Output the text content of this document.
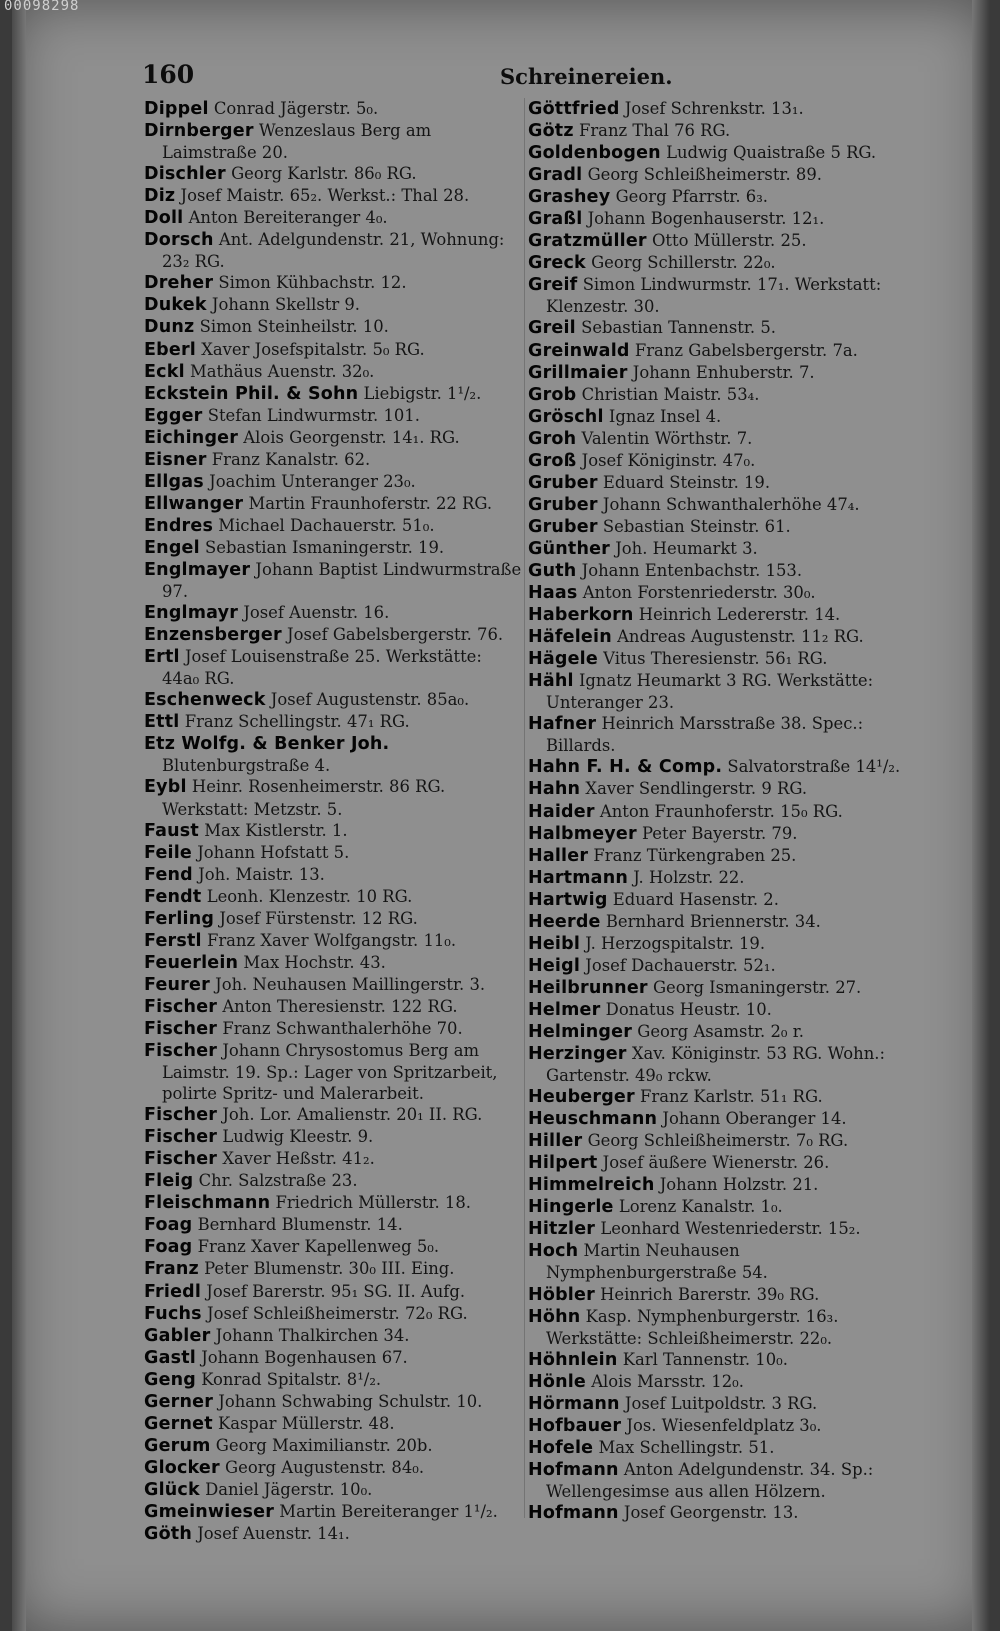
00098298
160	Schreinereien.

Dippel Conrad Jägerstr. 5₀.

Dirnberger Wenzeslaus Berg am Laimstraße 20.

Dischler Georg Karlstr. 86₀ RG.

Diz Josef Maistr. 65₂. Werkst.: Thal 28.

Doll Anton Bereiteranger 4₀.

Dorsch Ant. Adelgundenstr. 21, Wohnung: 23₂ RG.

Dreher Simon Kühbachstr. 12.

Dukek Johann Skellstr 9.

Dunz Simon Steinheilstr. 10.

Eberl Xaver Josefspitalstr. 5₀ RG.

Eckl Mathäus Auenstr. 32₀.

Eckstein Phil. & Sohn Liebigstr. 1¹/₂.

Egger Stefan Lindwurmstr. 101.

Eichinger Alois Georgenstr. 14₁. RG.

Eisner Franz Kanalstr. 62.

Ellgas Joachim Unteranger 23₀.

Ellwanger Martin Fraunhoferstr. 22 RG.

Endres Michael Dachauerstr. 51₀.

Engel Sebastian Ismaningerstr. 19.

Englmayer Johann Baptist Lindwurmstraße 97.

Englmayr Josef Auenstr. 16.

Enzensberger Josef Gabelsbergerstr. 76.

Ertl Josef Louisenstraße 25. Werkstätte: 44a₀ RG.

Eschenweck Josef Augustenstr. 85a₀.

Ettl Franz Schellingstr. 47₁ RG.

Etz Wolfg. & Benker Joh. Blutenburgstraße 4.

Eybl Heinr. Rosenheimerstr. 86 RG. Werkstatt: Metzstr. 5.

Faust Max Kistlerstr. 1.

Feile Johann Hofstatt 5.

Fend Joh. Maistr. 13.

Fendt Leonh. Klenzestr. 10 RG.

Ferling Josef Fürstenstr. 12 RG.

Ferstl Franz Xaver Wolfgangstr. 11₀.

Feuerlein Max Hochstr. 43.

Feurer Joh. Neuhausen Maillingerstr. 3.

Fischer Anton Theresienstr. 122 RG.

Fischer Franz Schwanthalerhöhe 70.

Fischer Johann Chrysostomus Berg am Laimstr. 19. Sp.: Lager von Spritzarbeit, polirte Spritz- und Malerarbeit.

Fischer Joh. Lor. Amalienstr. 20₁ II. RG.

Fischer Ludwig Kleestr. 9.

Fischer Xaver Heßstr. 41₂.

Fleig Chr. Salzstraße 23.

Fleischmann Friedrich Müllerstr. 18.

Foag Bernhard Blumenstr. 14.

Foag Franz Xaver Kapellenweg 5₀.

Franz Peter Blumenstr. 30₀ III. Eing.

Friedl Josef Barerstr. 95₁ SG. II. Aufg.

Fuchs Josef Schleißheimerstr. 72₀ RG.

Gabler Johann Thalkirchen 34.

Gastl Johann Bogenhausen 67.

Geng Konrad Spitalstr. 8¹/₂.

Gerner Johann Schwabing Schulstr. 10.

Gernet Kaspar Müllerstr. 48.

Gerum Georg Maximilianstr. 20b.

Glocker Georg Augustenstr. 84₀.

Glück Daniel Jägerstr. 10₀.

Gmeinwieser Martin Bereiteranger 1¹/₂.

Göth Josef Auenstr. 14₁.

Göttfried Josef Schrenkstr. 13₁.

Götz Franz Thal 76 RG.

Goldenbogen Ludwig Quaistraße 5 RG.

Gradl Georg Schleißheimerstr. 89.

Grashey Georg Pfarrstr. 6₃.

Graßl Johann Bogenhauserstr. 12₁.

Gratzmüller Otto Müllerstr. 25.

Greck Georg Schillerstr. 22₀.

Greif Simon Lindwurmstr. 17₁. Werkstatt: Klenzestr. 30.

Greil Sebastian Tannenstr. 5.

Greinwald Franz Gabelsbergerstr. 7a.

Grillmaier Johann Enhuberstr. 7.

Grob Christian Maistr. 53₄.

Gröschl Ignaz Insel 4.

Groh Valentin Wörthstr. 7.

Groß Josef Königinstr. 47₀.

Gruber Eduard Steinstr. 19.

Gruber Johann Schwanthalerhöhe 47₄.

Gruber Sebastian Steinstr. 61.

Günther Joh. Heumarkt 3.

Guth Johann Entenbachstr. 153.

Haas Anton Forstenriederstr. 30₀.

Haberkorn Heinrich Ledererstr. 14.

Häfelein Andreas Augustenstr. 11₂ RG.

Hägele Vitus Theresienstr. 56₁ RG.

Hähl Ignatz Heumarkt 3 RG. Werkstätte: Unteranger 23.

Hafner Heinrich Marsstraße 38. Spec.: Billards.

Hahn F. H. & Comp. Salvatorstraße 14¹/₂.

Hahn Xaver Sendlingerstr. 9 RG.

Haider Anton Fraunhoferstr. 15₀ RG.

Halbmeyer Peter Bayerstr. 79.

Haller Franz Türkengraben 25.

Hartmann J. Holzstr. 22.

Hartwig Eduard Hasenstr. 2.

Heerde Bernhard Briennerstr. 34.

Heibl J. Herzogspitalstr. 19.

Heigl Josef Dachauerstr. 52₁.

Heilbrunner Georg Ismaningerstr. 27.

Helmer Donatus Heustr. 10.

Helminger Georg Asamstr. 2₀ r.

Herzinger Xav. Königinstr. 53 RG. Wohn.: Gartenstr. 49₀ rckw.

Heuberger Franz Karlstr. 51₁ RG.

Heuschmann Johann Oberanger 14.

Hiller Georg Schleißheimerstr. 7₀ RG.

Hilpert Josef äußere Wienerstr. 26.

Himmelreich Johann Holzstr. 21.

Hingerle Lorenz Kanalstr. 1₀.

Hitzler Leonhard Westenriederstr. 15₂.

Hoch Martin Neuhausen Nymphenburgerstraße 54.

Höbler Heinrich Barerstr. 39₀ RG.

Höhn Kasp. Nymphenburgerstr. 16₃. Werkstätte: Schleißheimerstr. 22₀.

Höhnlein Karl Tannenstr. 10₀.

Hönle Alois Marsstr. 12₀.

Hörmann Josef Luitpoldstr. 3 RG.

Hofbauer Jos. Wiesenfeldplatz 3₀.

Hofele Max Schellingstr. 51.

Hofmann Anton Adelgundenstr. 34. Sp.: Wellengesimse aus allen Hölzern.

Hofmann Josef Georgenstr. 13.
